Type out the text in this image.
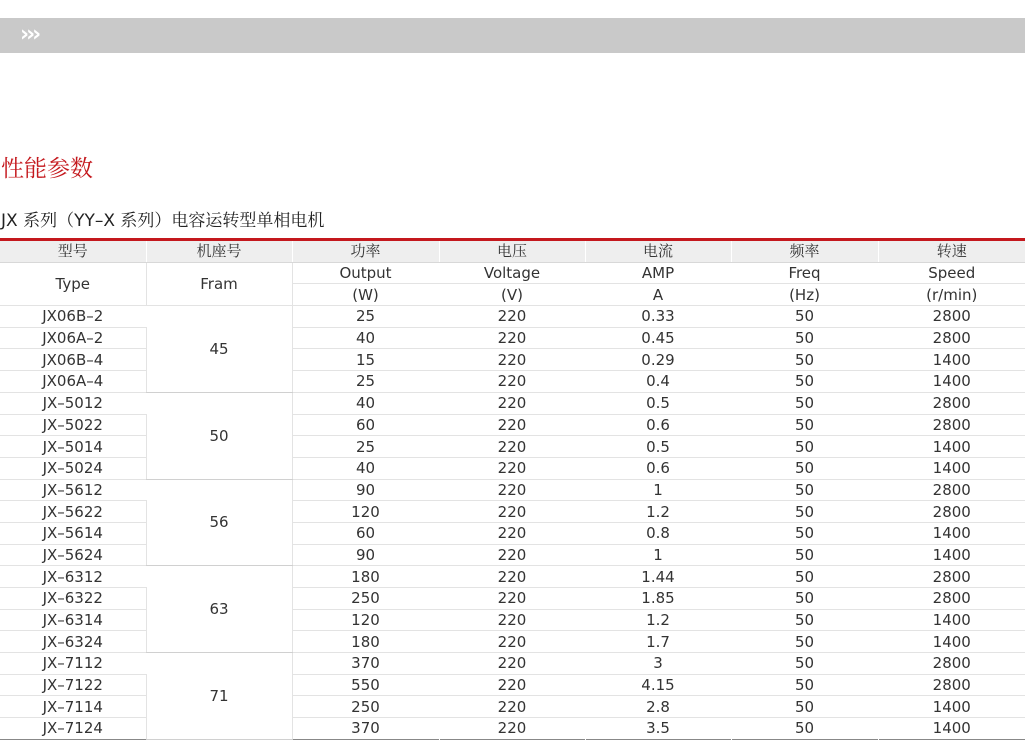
›››
性能参数
JX 系列（YY–X 系列）电容运转型单相电机
型号	机座号	功率	电压	电流	频率	转速
Type	Fram	Output	Voltage	AMP	Freq	Speed
		(W)	(V)	A	(Hz)	(r/min)
JX06B–2	45	25	220	0.33	50	2800
JX06A–2		40	220	0.45	50	2800
JX06B–4		15	220	0.29	50	1400
JX06A–4		25	220	0.4	50	1400
JX–5012	50	40	220	0.5	50	2800
JX–5022		60	220	0.6	50	2800
JX–5014		25	220	0.5	50	1400
JX–5024		40	220	0.6	50	1400
JX–5612	56	90	220	1	50	2800
JX–5622		120	220	1.2	50	2800
JX–5614		60	220	0.8	50	1400
JX–5624		90	220	1	50	1400
JX–6312	63	180	220	1.44	50	2800
JX–6322		250	220	1.85	50	2800
JX–6314		120	220	1.2	50	1400
JX–6324		180	220	1.7	50	1400
JX–7112	71	370	220	3	50	2800
JX–7122		550	220	4.15	50	2800
JX–7114		250	220	2.8	50	1400
JX–7124		370	220	3.5	50	1400
